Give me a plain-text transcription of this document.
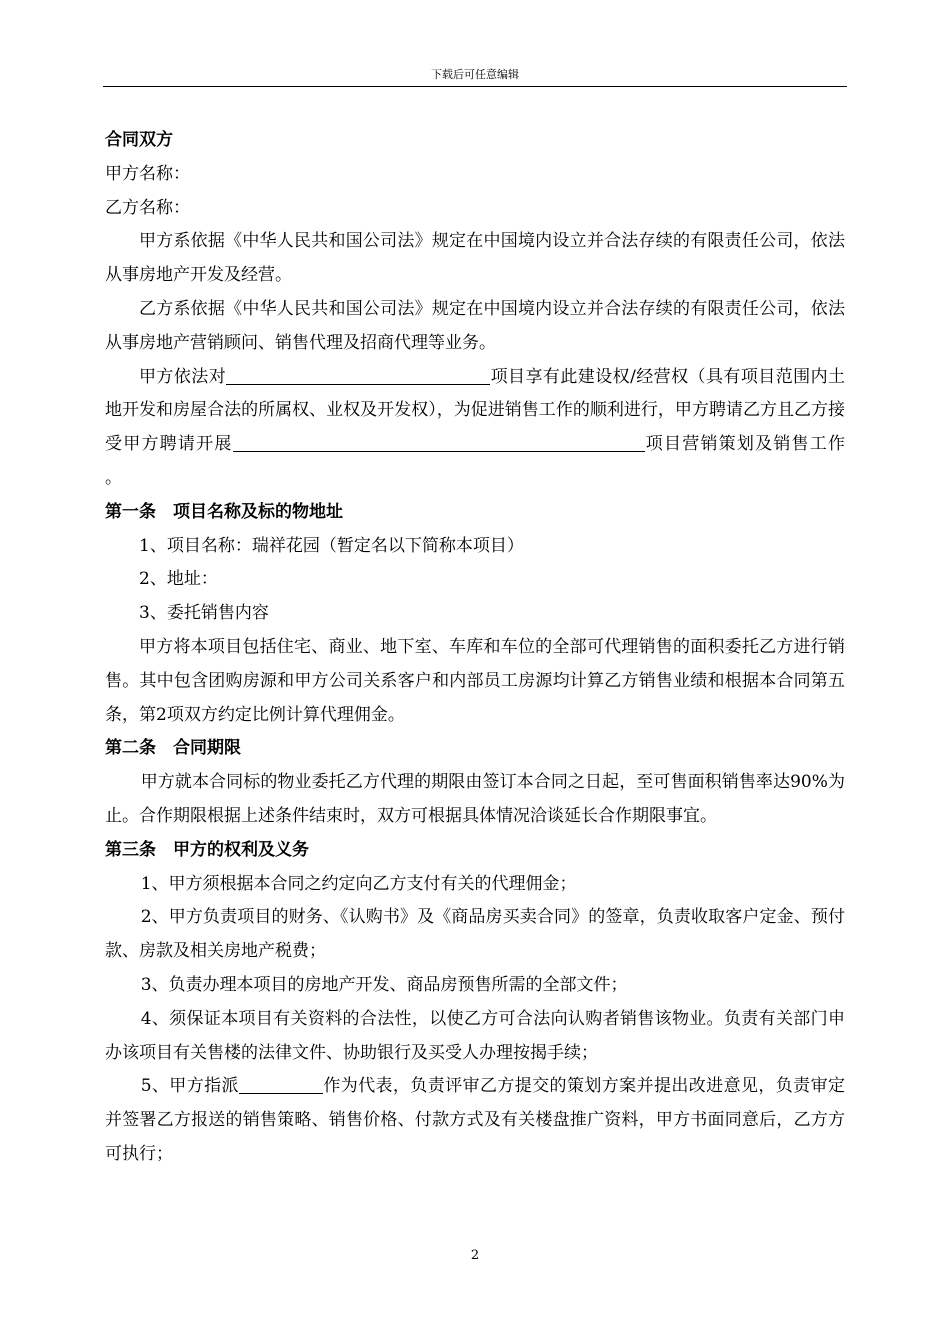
下载后可任意编辑

合同双方

甲方名称：

乙方名称：

甲方系依据《中华人民共和国公司法》规定在中国境内设立并合法存续的有限责任公司，依法从事房地产开发及经营。

乙方系依据《中华人民共和国公司法》规定在中国境内设立并合法存续的有限责任公司，依法从事房地产营销顾问、销售代理及招商代理等业务。

甲方依法对	项目享有此建设权/经营权（具有项目范围内土地开发和房屋合法的所属权、业权及开发权），为促进销售工作的顺利进行，甲方聘请乙方且乙方接受甲方聘请开展	项目营销策划及销售工作 。

第一条　项目名称及标的物地址

1、项目名称：瑞祥花园（暂定名以下简称本项目）

2、地址：

3、委托销售内容

甲方将本项目包括住宅、商业、地下室、车库和车位的全部可代理销售的面积委托乙方进行销售。其中包含团购房源和甲方公司关系客户和内部员工房源均计算乙方销售业绩和根据本合同第五条，第2项双方约定比例计算代理佣金。

第二条　合同期限

甲方就本合同标的物业委托乙方代理的期限由签订本合同之日起，至可售面积销售率达90%为止。合作期限根据上述条件结束时，双方可根据具体情况洽谈延长合作期限事宜。

第三条　甲方的权利及义务

1、甲方须根据本合同之约定向乙方支付有关的代理佣金；

2、甲方负责项目的财务、《认购书》及《商品房买卖合同》的签章，负责收取客户定金、预付款、房款及相关房地产税费；

3、负责办理本项目的房地产开发、商品房预售所需的全部文件；

4、须保证本项目有关资料的合法性，以使乙方可合法向认购者销售该物业。负责有关部门申办该项目有关售楼的法律文件、协助银行及买受人办理按揭手续；

5、甲方指派	作为代表，负责评审乙方提交的策划方案并提出改进意见，负责审定并签署乙方报送的销售策略、销售价格、付款方式及有关楼盘推广资料，甲方书面同意后，乙方方可执行；

2
